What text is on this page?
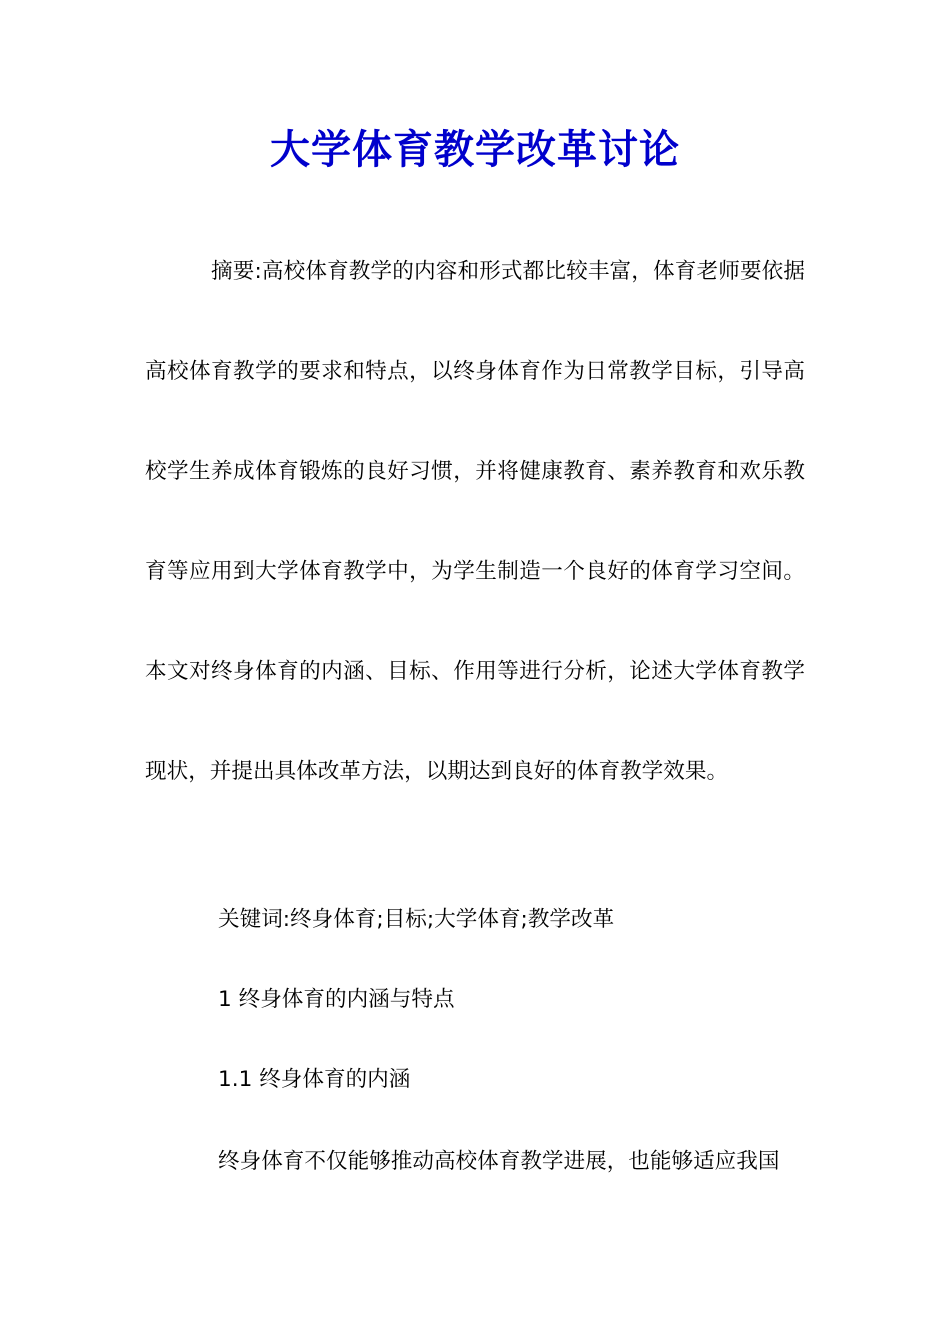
大学体育教学改革讨论

摘要:高校体育教学的内容和形式都比较丰富，体育老师要依据高校体育教学的要求和特点，以终身体育作为日常教学目标，引导高校学生养成体育锻炼的良好习惯，并将健康教育、素养教育和欢乐教育等应用到大学体育教学中，为学生制造一个良好的体育学习空间。本文对终身体育的内涵、目标、作用等进行分析，论述大学体育教学现状，并提出具体改革方法，以期达到良好的体育教学效果。

关键词:终身体育;目标;大学体育;教学改革
1 终身体育的内涵与特点
1.1 终身体育的内涵
终身体育不仅能够推动高校体育教学进展，也能够适应我国
